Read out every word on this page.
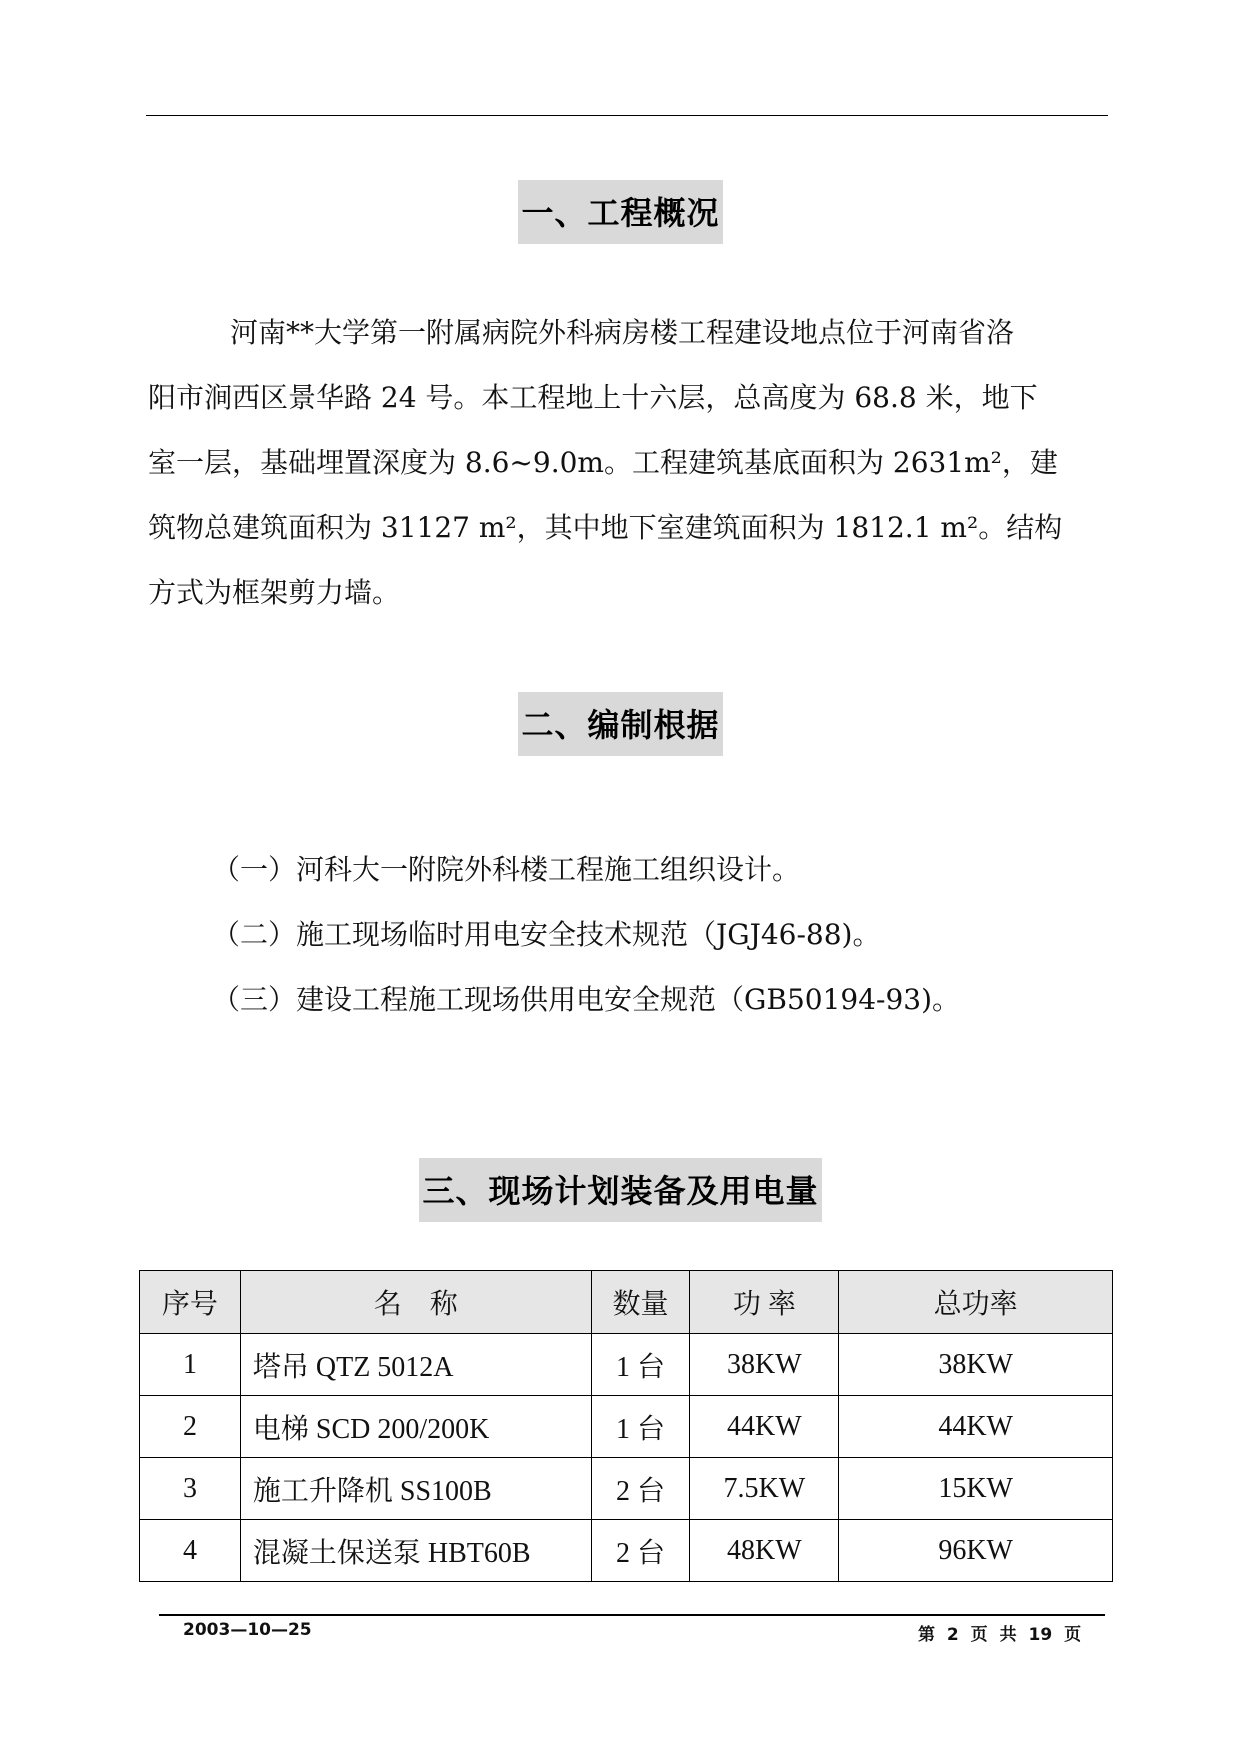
一、工程概况
河南**大学第一附属病院外科病房楼工程建设地点位于河南省洛
阳市涧西区景华路 24 号。本工程地上十六层，总高度为 68.8 米，地下
室一层，基础埋置深度为 8.6~9.0m。工程建筑基底面积为 2631m²，建
筑物总建筑面积为 31127 m²，其中地下室建筑面积为 1812.1 m²。结构
方式为框架剪力墙。
二、编制根据

（一）河科大一附院外科楼工程施工组织设计。

（二）施工现场临时用电安全技术规范（JGJ46-88)。

（三）建设工程施工现场供用电安全规范（GB50194-93)。

三、现场计划装备及用电量
序号	名　称	数量	功 率	总功率
1	塔吊 QTZ 5012A	1 台	38KW	38KW
2	电梯 SCD 200/200K	1 台	44KW	44KW
3	施工升降机 SS100B	2 台	7.5KW	15KW
4	混凝土保送泵 HBT60B	2 台	48KW	96KW
2003—10—25	第 2 页 共 19 页
